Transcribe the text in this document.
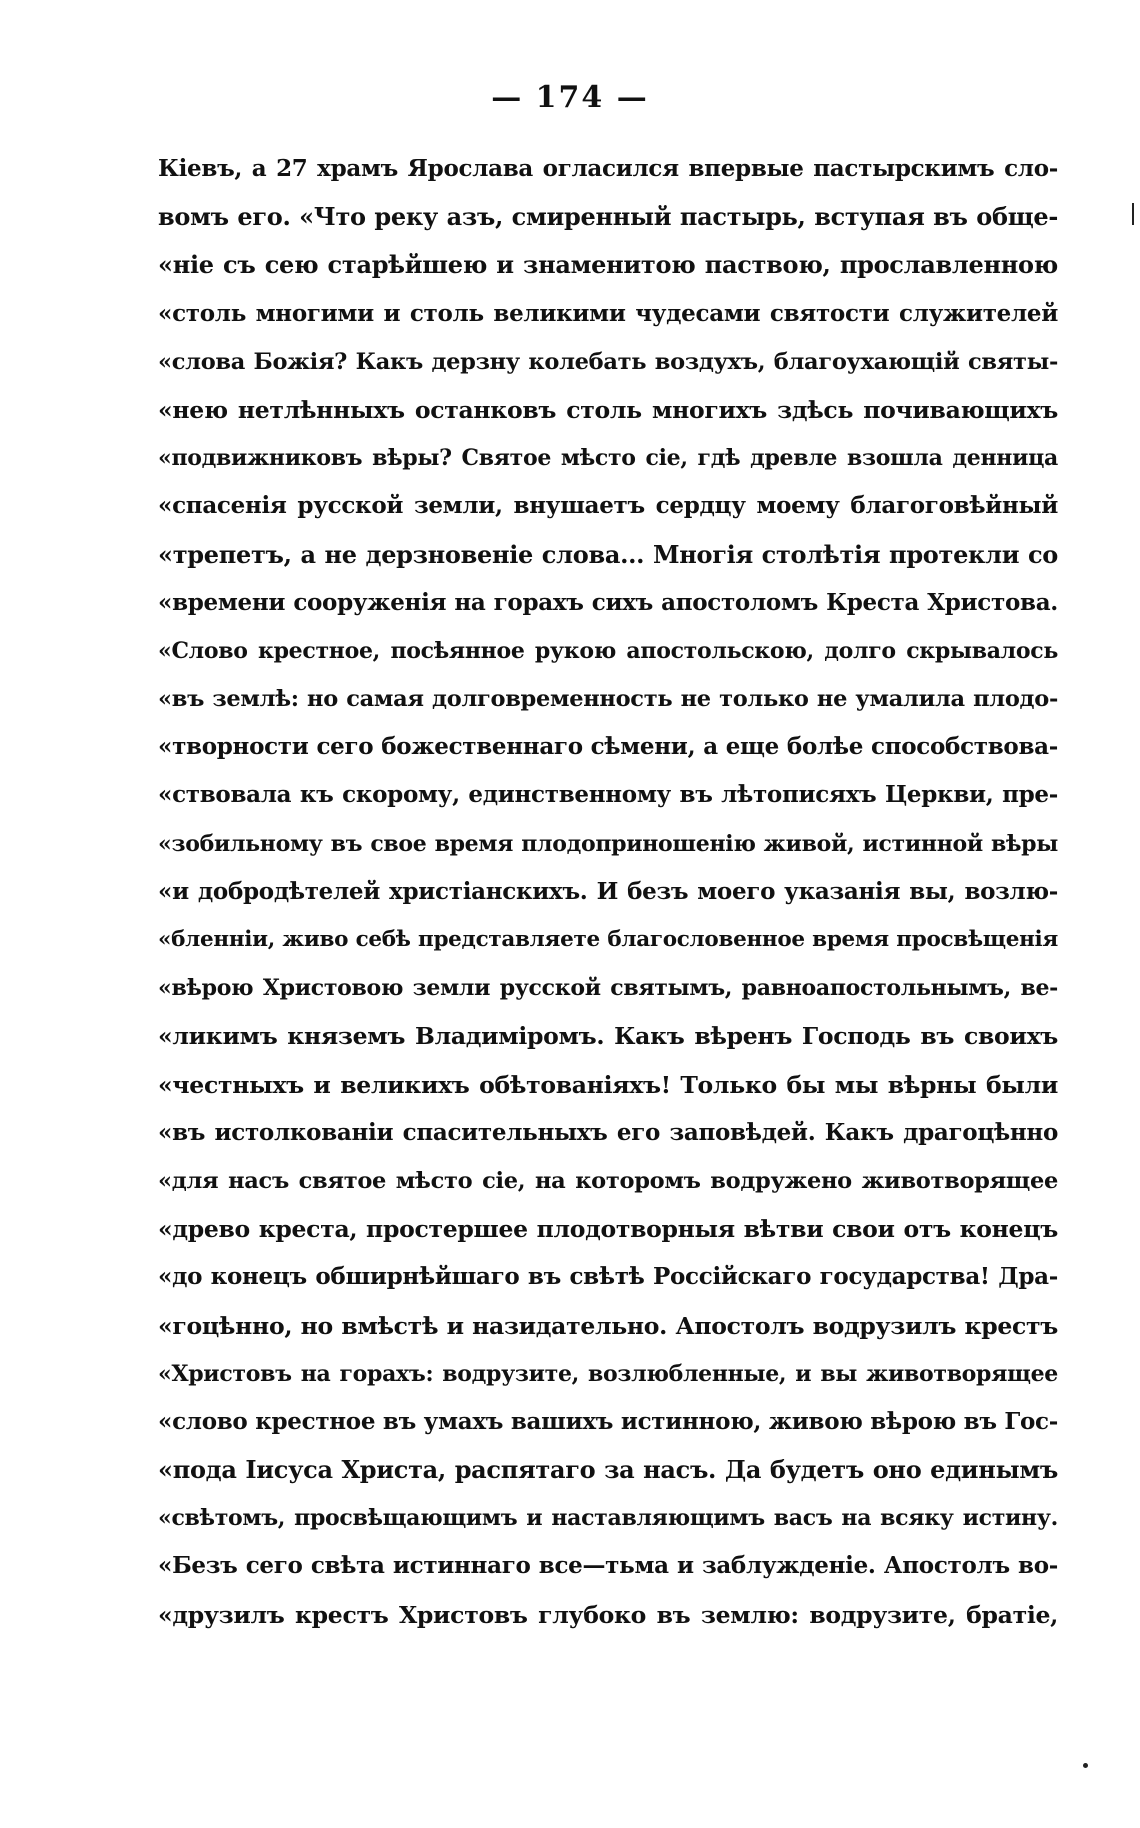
— 174 —
Кiевъ, а 27 храмъ Ярослава огласился впервые пастырскимъ сло-
вомъ его. «Что реку азъ, смиренный пастырь, вступая въ обще-
«нiе съ сею старѣйшею и знаменитою паствою, прославленною
«столь многими и столь великими чудесами святости служителей
«слова Божiя? Какъ дерзну колебать воздухъ, благоухающiй святы-
«нею нетлѣнныхъ останковъ столь многихъ здѣсь почивающихъ
«подвижниковъ вѣры? Святое мѣсто сiе, гдѣ древле взошла денница
«спасенiя русской земли, внушаетъ сердцу моему благоговѣйный
«трепетъ, а не дерзновенiе слова... Многiя столѣтiя протекли со
«времени сооруженiя на горахъ сихъ апостоломъ Креста Христова.
«Слово крестное, посѣянное рукою апостольскою, долго скрывалось
«въ землѣ: но самая долговременность не только не умалила плодо-
«творности сего божественнаго сѣмени, а еще болѣе способствова-
«ствовала къ скорому, единственному въ лѣтописяхъ Церкви, пре-
«зобильному въ свое время плодоприношенiю живой, истинной вѣры
«и добродѣтелей христiанскихъ. И безъ моего указанiя вы, возлю-
«бленнiи, живо себѣ представляете благословенное время просвѣщенiя
«вѣрою Христовою земли русской святымъ, равноапостольнымъ, ве-
«ликимъ княземъ Владимiромъ. Какъ вѣренъ Господь въ своихъ
«честныхъ и великихъ обѣтованiяхъ! Только бы мы вѣрны были
«въ истолкованiи спасительныхъ его заповѣдей. Какъ драгоцѣнно
«для насъ святое мѣсто сiе, на которомъ водружено животворящее
«древо креста, простершее плодотворныя вѣтви свои отъ конецъ
«до конецъ обширнѣйшаго въ свѣтѣ Россiйскаго государства! Дра-
«гоцѣнно, но вмѣстѣ и назидательно. Апостолъ водрузилъ крестъ
«Христовъ на горахъ: водрузите, возлюбленные, и вы животворящее
«слово крестное въ умахъ вашихъ истинною, живою вѣрою въ Гос-
«пода Iисуса Христа, распятаго за насъ. Да будетъ оно единымъ
«свѣтомъ, просвѣщающимъ и наставляющимъ васъ на всяку истину.
«Безъ сего свѣта истиннаго все—тьма и заблужденiе. Апостолъ во-
«друзилъ крестъ Христовъ глубоко въ землю: водрузите, братiе,
